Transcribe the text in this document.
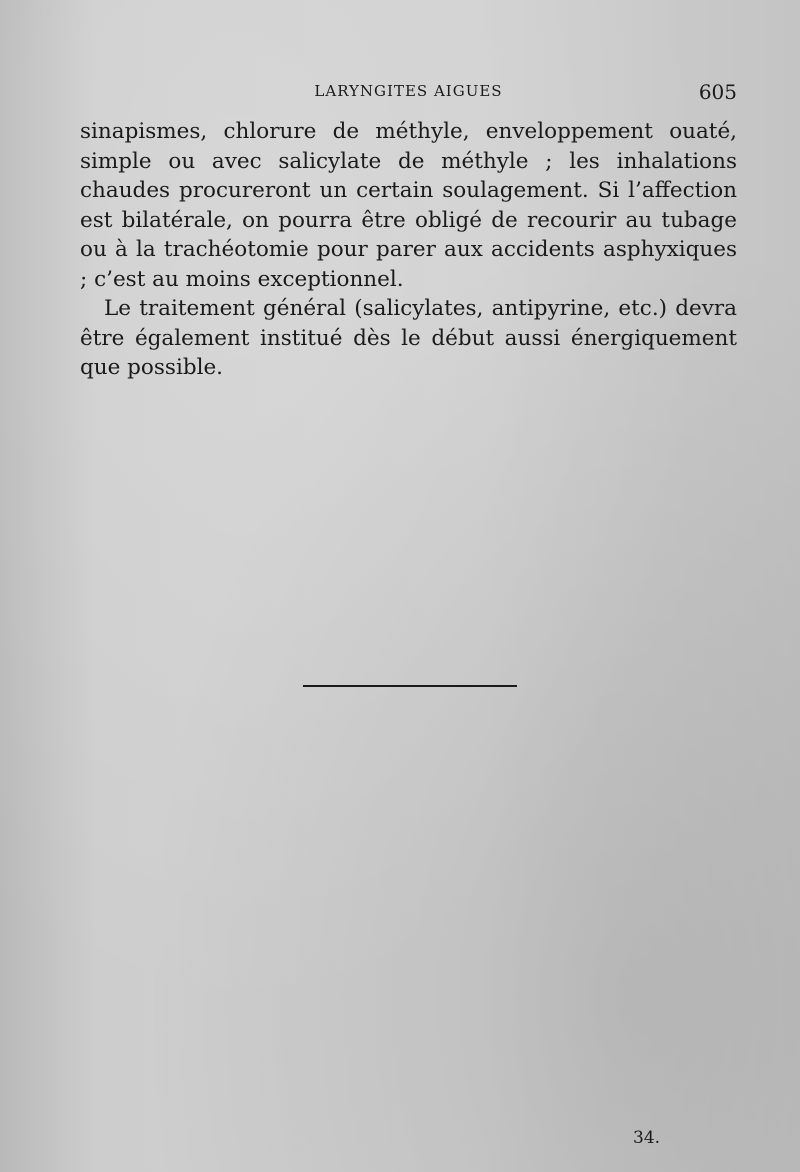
LARYNGITES AIGUES	605

sinapismes, chlorure de méthyle, enveloppement ouaté, simple ou avec salicylate de méthyle ; les inhalations chaudes procureront un certain soulagement. Si l’affection est bilatérale, on pourra être obligé de recourir au tubage ou à la trachéotomie pour parer aux accidents asphyxiques ; c’est au moins exceptionnel.

Le traitement général (salicylates, antipyrine, etc.) devra être également institué dès le début aussi énergiquement que possible.

34.
